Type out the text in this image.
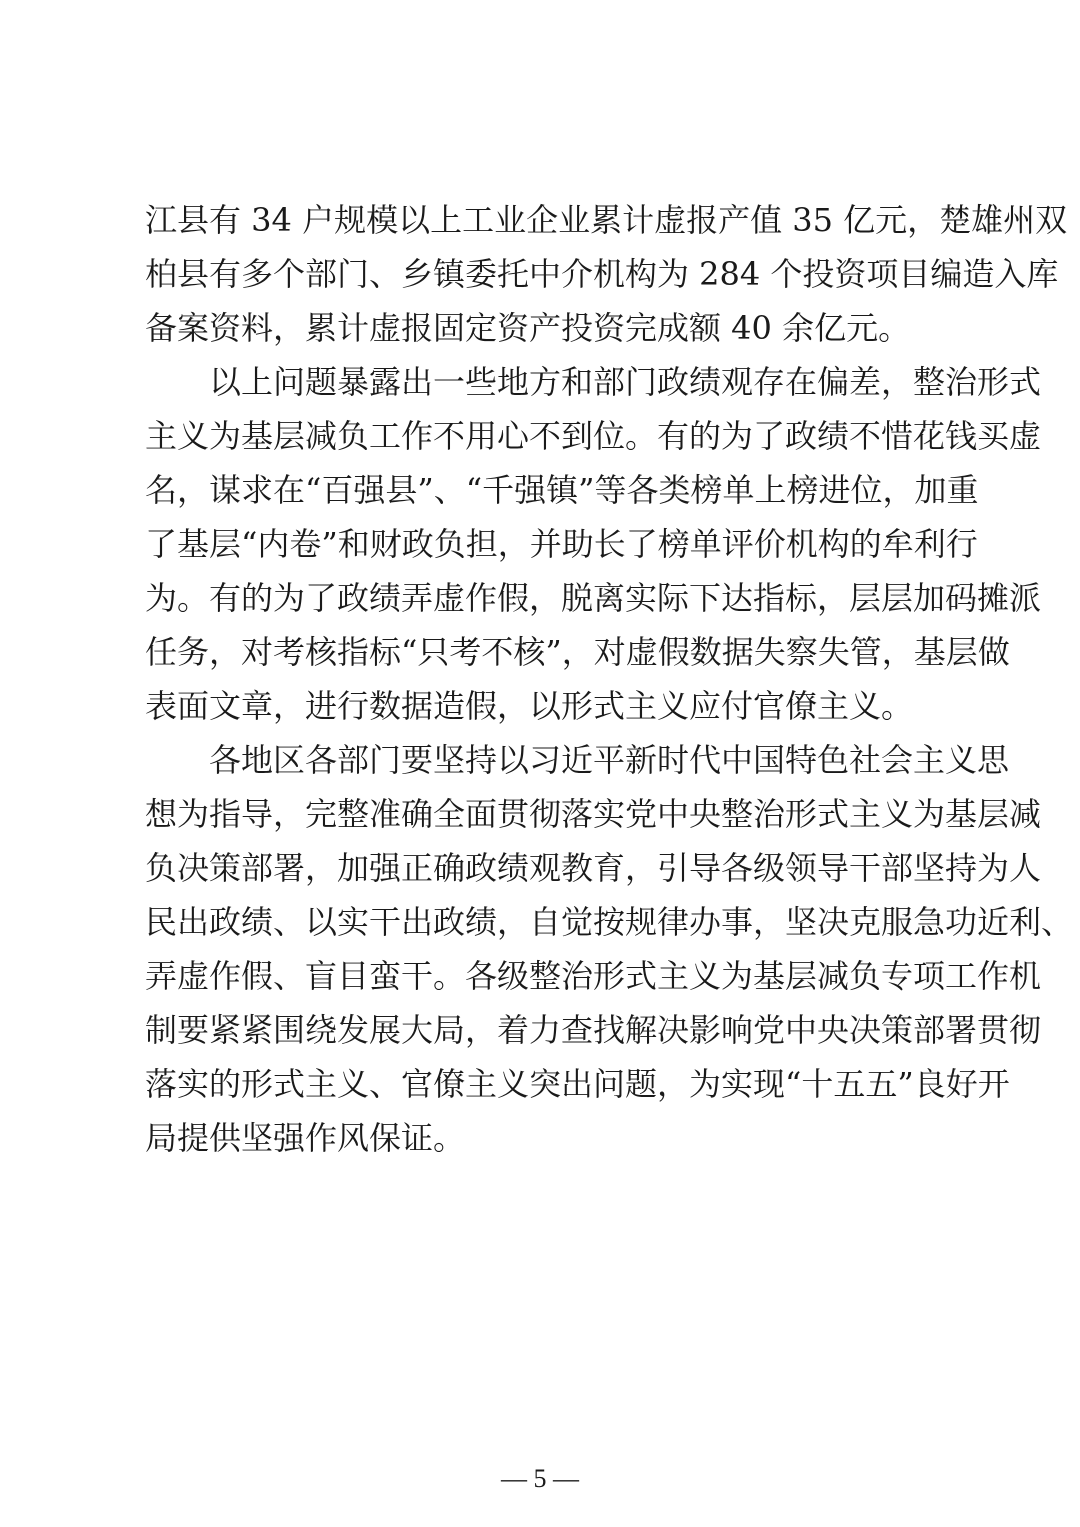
江县有 34 户规模以上工业企业累计虚报产值 35 亿元，楚雄州双
柏县有多个部门、乡镇委托中介机构为 284 个投资项目编造入库
备案资料，累计虚报固定资产投资完成额 40 余亿元。
以上问题暴露出一些地方和部门政绩观存在偏差，整治形式
主义为基层减负工作不用心不到位。有的为了政绩不惜花钱买虚
名，谋求在“百强县”、“千强镇”等各类榜单上榜进位，加重
了基层“内卷”和财政负担，并助长了榜单评价机构的牟利行
为。有的为了政绩弄虚作假，脱离实际下达指标，层层加码摊派
任务，对考核指标“只考不核”，对虚假数据失察失管，基层做
表面文章，进行数据造假，以形式主义应付官僚主义。
各地区各部门要坚持以习近平新时代中国特色社会主义思
想为指导，完整准确全面贯彻落实党中央整治形式主义为基层减
负决策部署，加强正确政绩观教育，引导各级领导干部坚持为人
民出政绩、以实干出政绩，自觉按规律办事，坚决克服急功近利、
弄虚作假、盲目蛮干。各级整治形式主义为基层减负专项工作机
制要紧紧围绕发展大局，着力查找解决影响党中央决策部署贯彻
落实的形式主义、官僚主义突出问题，为实现“十五五”良好开
局提供坚强作风保证。
— 5 —
